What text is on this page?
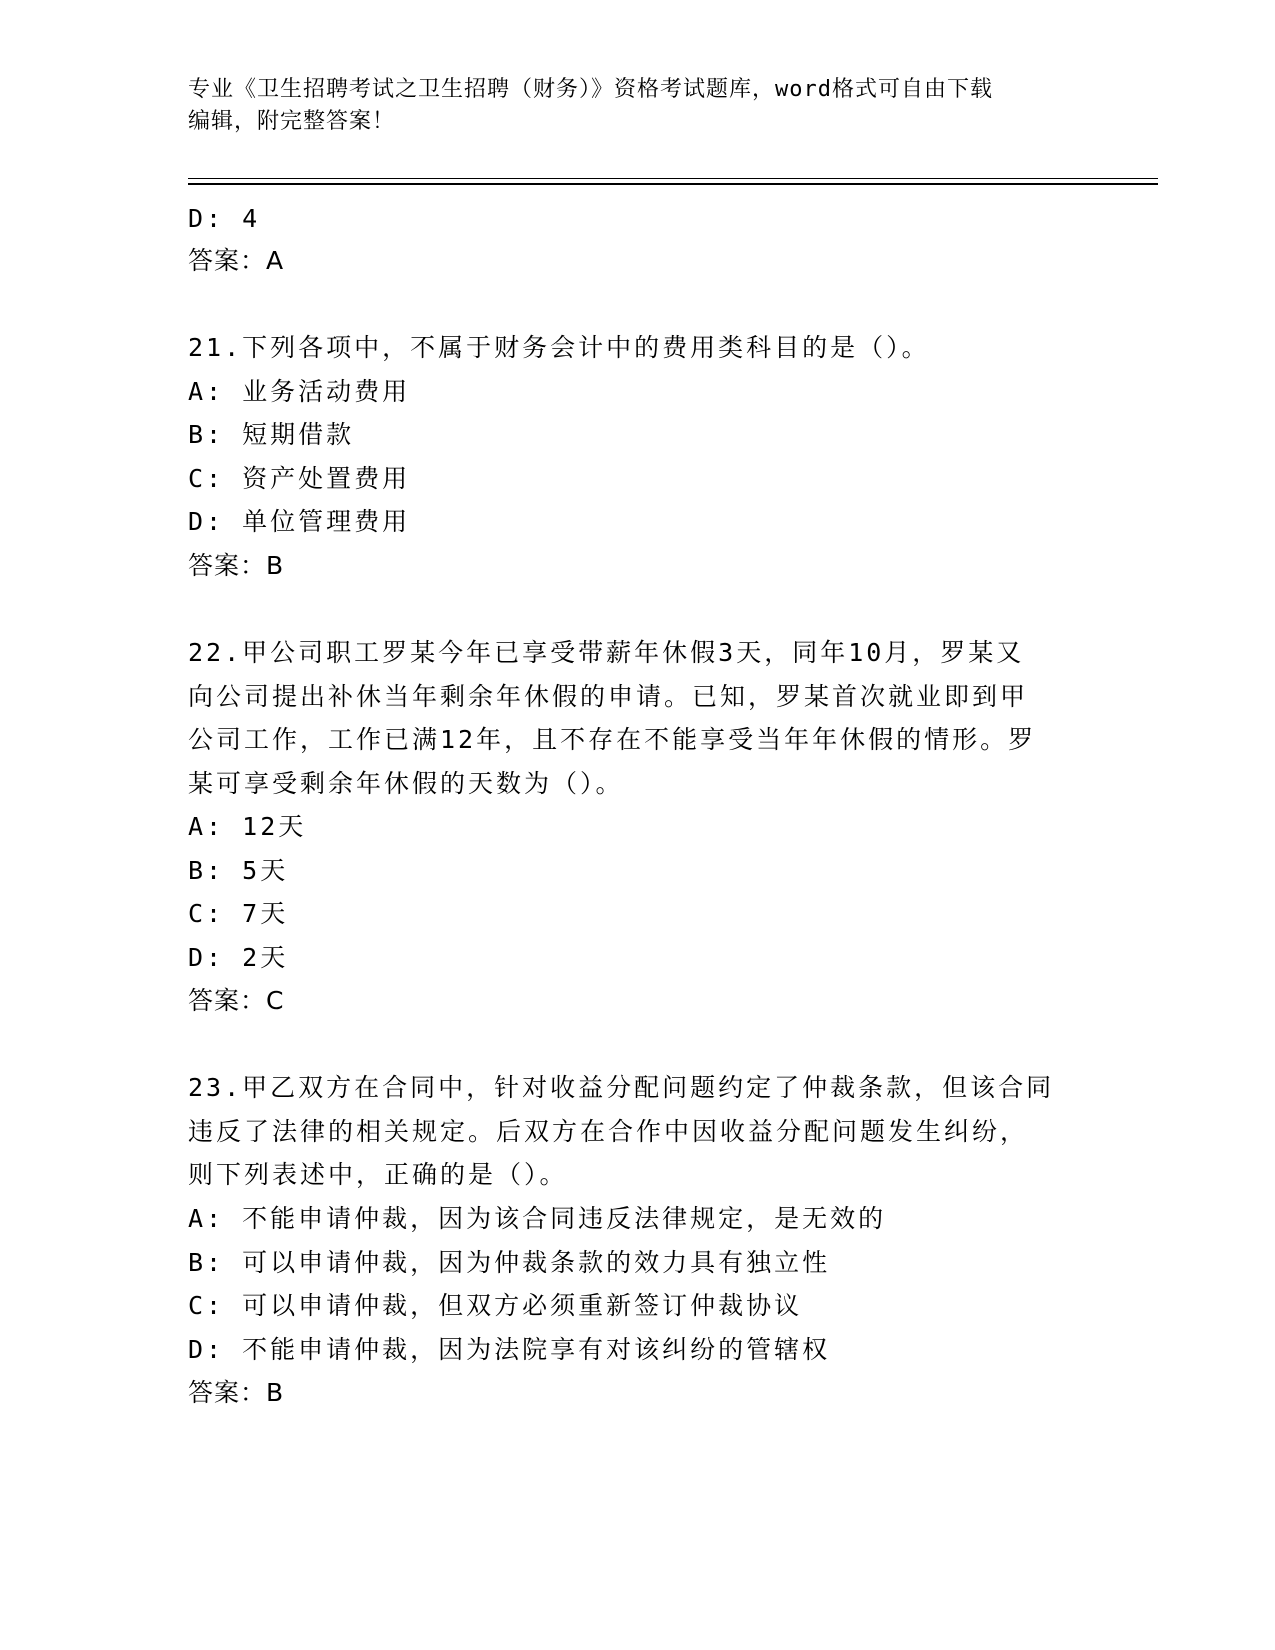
专业《卫生招聘考试之卫生招聘（财务）》资格考试题库，word格式可自由下载
编辑，附完整答案！
D: 4
答案：A
21.下列各项中，不属于财务会计中的费用类科目的是（）。
A: 业务活动费用
B: 短期借款
C: 资产处置费用
D: 单位管理费用
答案：B
22.甲公司职工罗某今年已享受带薪年休假3天，同年10月，罗某又
向公司提出补休当年剩余年休假的申请。已知，罗某首次就业即到甲
公司工作，工作已满12年，且不存在不能享受当年年休假的情形。罗
某可享受剩余年休假的天数为（）。
A: 12天
B: 5天
C: 7天
D: 2天
答案：C
23.甲乙双方在合同中，针对收益分配问题约定了仲裁条款，但该合同
违反了法律的相关规定。后双方在合作中因收益分配问题发生纠纷，
则下列表述中，正确的是（）。
A: 不能申请仲裁，因为该合同违反法律规定，是无效的
B: 可以申请仲裁，因为仲裁条款的效力具有独立性
C: 可以申请仲裁，但双方必须重新签订仲裁协议
D: 不能申请仲裁，因为法院享有对该纠纷的管辖权
答案：B
